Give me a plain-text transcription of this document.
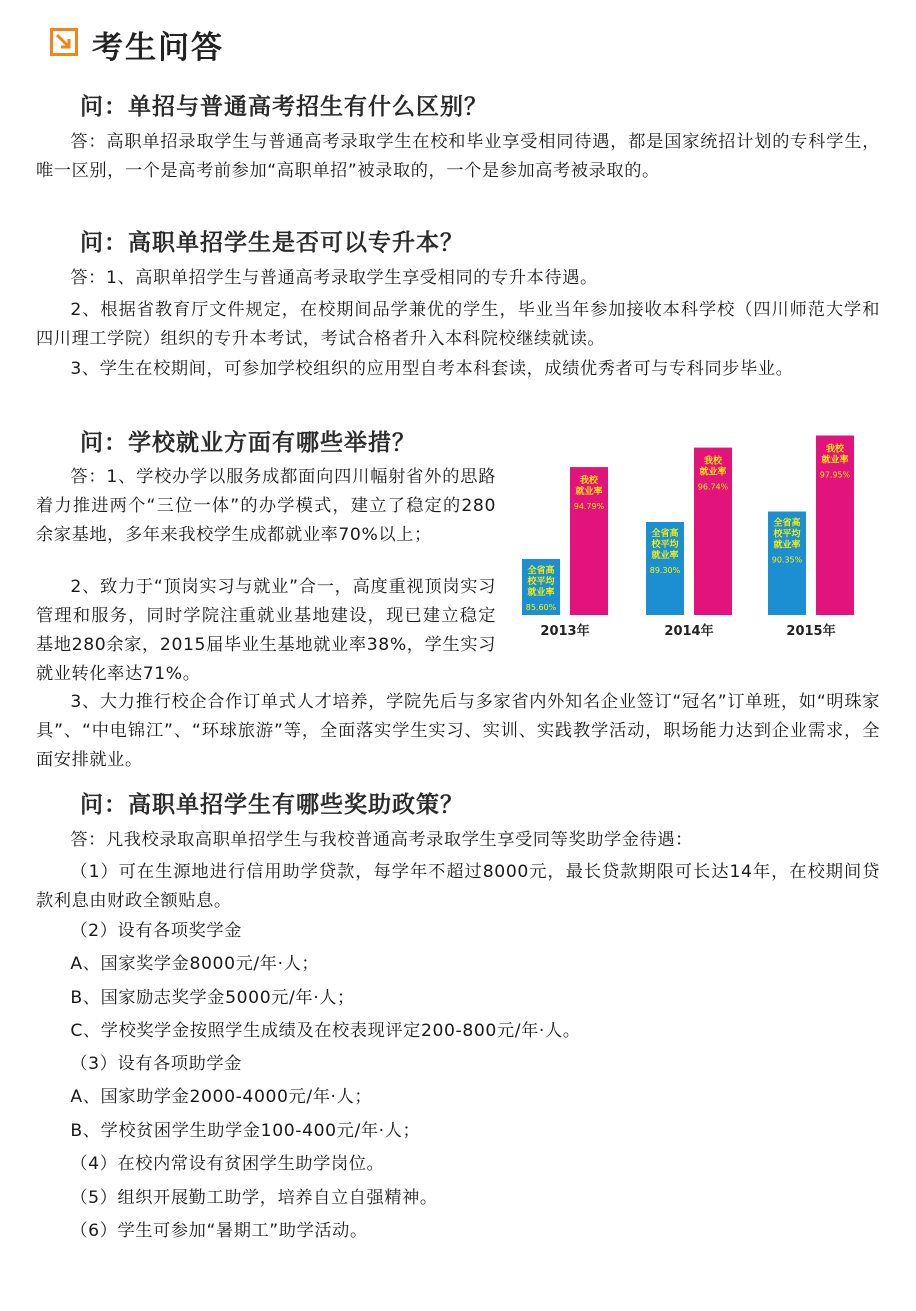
考生问答
问：单招与普通高考招生有什么区别？

答：高职单招录取学生与普通高考录取学生在校和毕业享受相同待遇，都是国家统招计划的专科学生，唯一区别，一个是高考前参加“高职单招”被录取的，一个是参加高考被录取的。

问：高职单招学生是否可以专升本？

答：1、高职单招学生与普通高考录取学生享受相同的专升本待遇。

2、根据省教育厅文件规定，在校期间品学兼优的学生，毕业当年参加接收本科学校（四川师范大学和四川理工学院）组织的专升本考试，考试合格者升入本科院校继续就读。

3、学生在校期间，可参加学校组织的应用型自考本科套读，成绩优秀者可与专科同步毕业。

问：学校就业方面有哪些举措？

答：1、学校办学以服务成都面向四川幅射省外的思路着力推进两个“三位一体”的办学模式，建立了稳定的280余家基地，多年来我校学生成都就业率70%以上；

2、致力于“顶岗实习与就业”合一，高度重视顶岗实习管理和服务，同时学院注重就业基地建设，现已建立稳定基地280余家，2015届毕业生基地就业率38%，学生实习就业转化率达71%。

3、大力推行校企合作订单式人才培养，学院先后与多家省内外知名企业签订“冠名”订单班，如“明珠家具”、“中电锦江”、“环球旅游”等，全面落实学生实习、实训、实践教学活动，职场能力达到企业需求，全面安排就业。

全省高
校平均
就业率
85.60%
我校
就业率
94.79%
2013年
全省高
校平均
就业率
89.30%
我校
就业率
96.74%
2014年
全省高
校平均
就业率
90.35%
我校
就业率
97.95%
2015年
问：高职单招学生有哪些奖助政策？

答：凡我校录取高职单招学生与我校普通高考录取学生享受同等奖助学金待遇：

（1）可在生源地进行信用助学贷款，每学年不超过8000元，最长贷款期限可长达14年，在校期间贷款利息由财政全额贴息。

（2）设有各项奖学金

A、国家奖学金8000元/年·人；

B、国家励志奖学金5000元/年·人；

C、学校奖学金按照学生成绩及在校表现评定200-800元/年·人。

（3）设有各项助学金

A、国家助学金2000-4000元/年·人；

B、学校贫困学生助学金100-400元/年·人；

（4）在校内常设有贫困学生助学岗位。

（5）组织开展勤工助学，培养自立自强精神。

（6）学生可参加“暑期工”助学活动。
